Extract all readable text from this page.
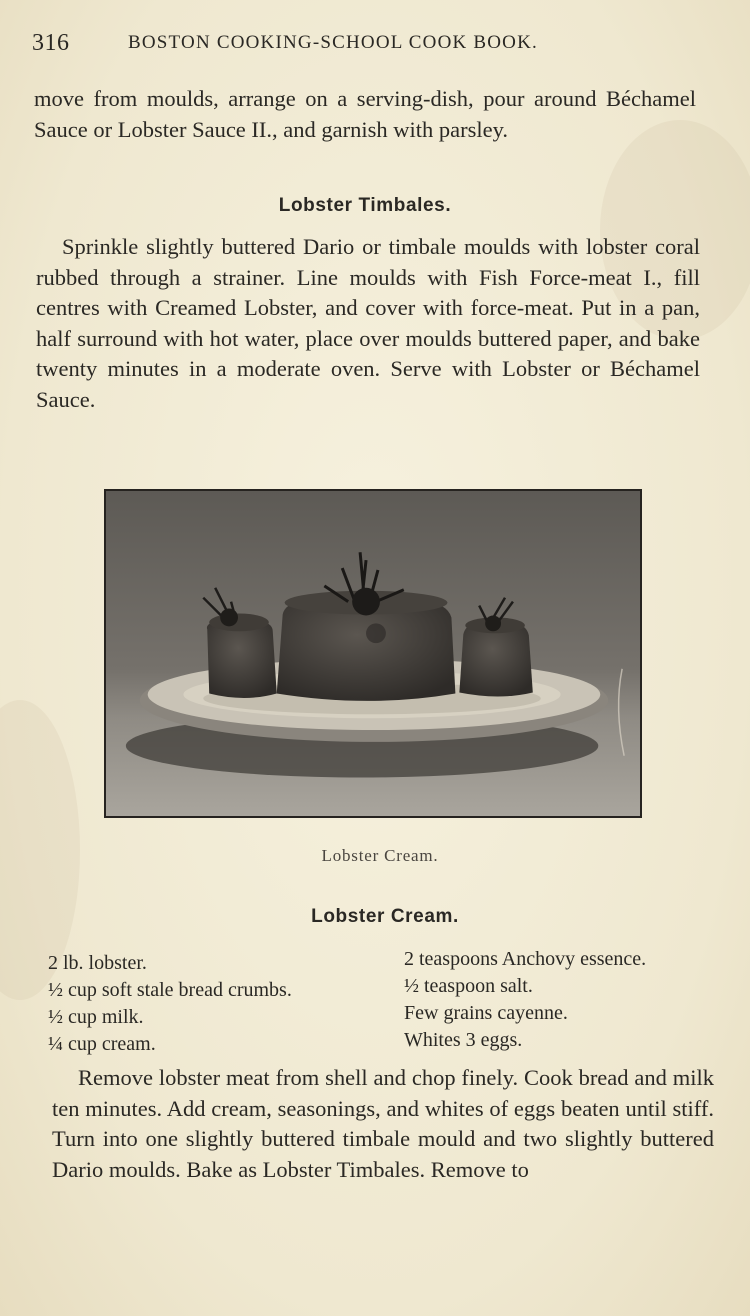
316	BOSTON COOKING-SCHOOL COOK BOOK.

move from moulds, arrange on a serving-dish, pour around Béchamel Sauce or Lobster Sauce II., and garnish with parsley.

Lobster Timbales.

Sprinkle slightly buttered Dario or timbale moulds with lobster coral rubbed through a strainer. Line moulds with Fish Force-meat I., fill centres with Creamed Lobster, and cover with force-meat. Put in a pan, half surround with hot water, place over moulds buttered paper, and bake twenty minutes in a moderate oven. Serve with Lobster or Béchamel Sauce.

Lobster Cream.
Lobster Cream.
2 lb. lobster.
½ cup soft stale bread crumbs.
½ cup milk.
¼ cup cream.
2 teaspoons Anchovy essence.
½ teaspoon salt.
Few grains cayenne.
Whites 3 eggs.

Remove lobster meat from shell and chop finely. Cook bread and milk ten minutes. Add cream, seasonings, and whites of eggs beaten until stiff. Turn into one slightly buttered timbale mould and two slightly buttered Dario moulds. Bake as Lobster Timbales. Remove to
